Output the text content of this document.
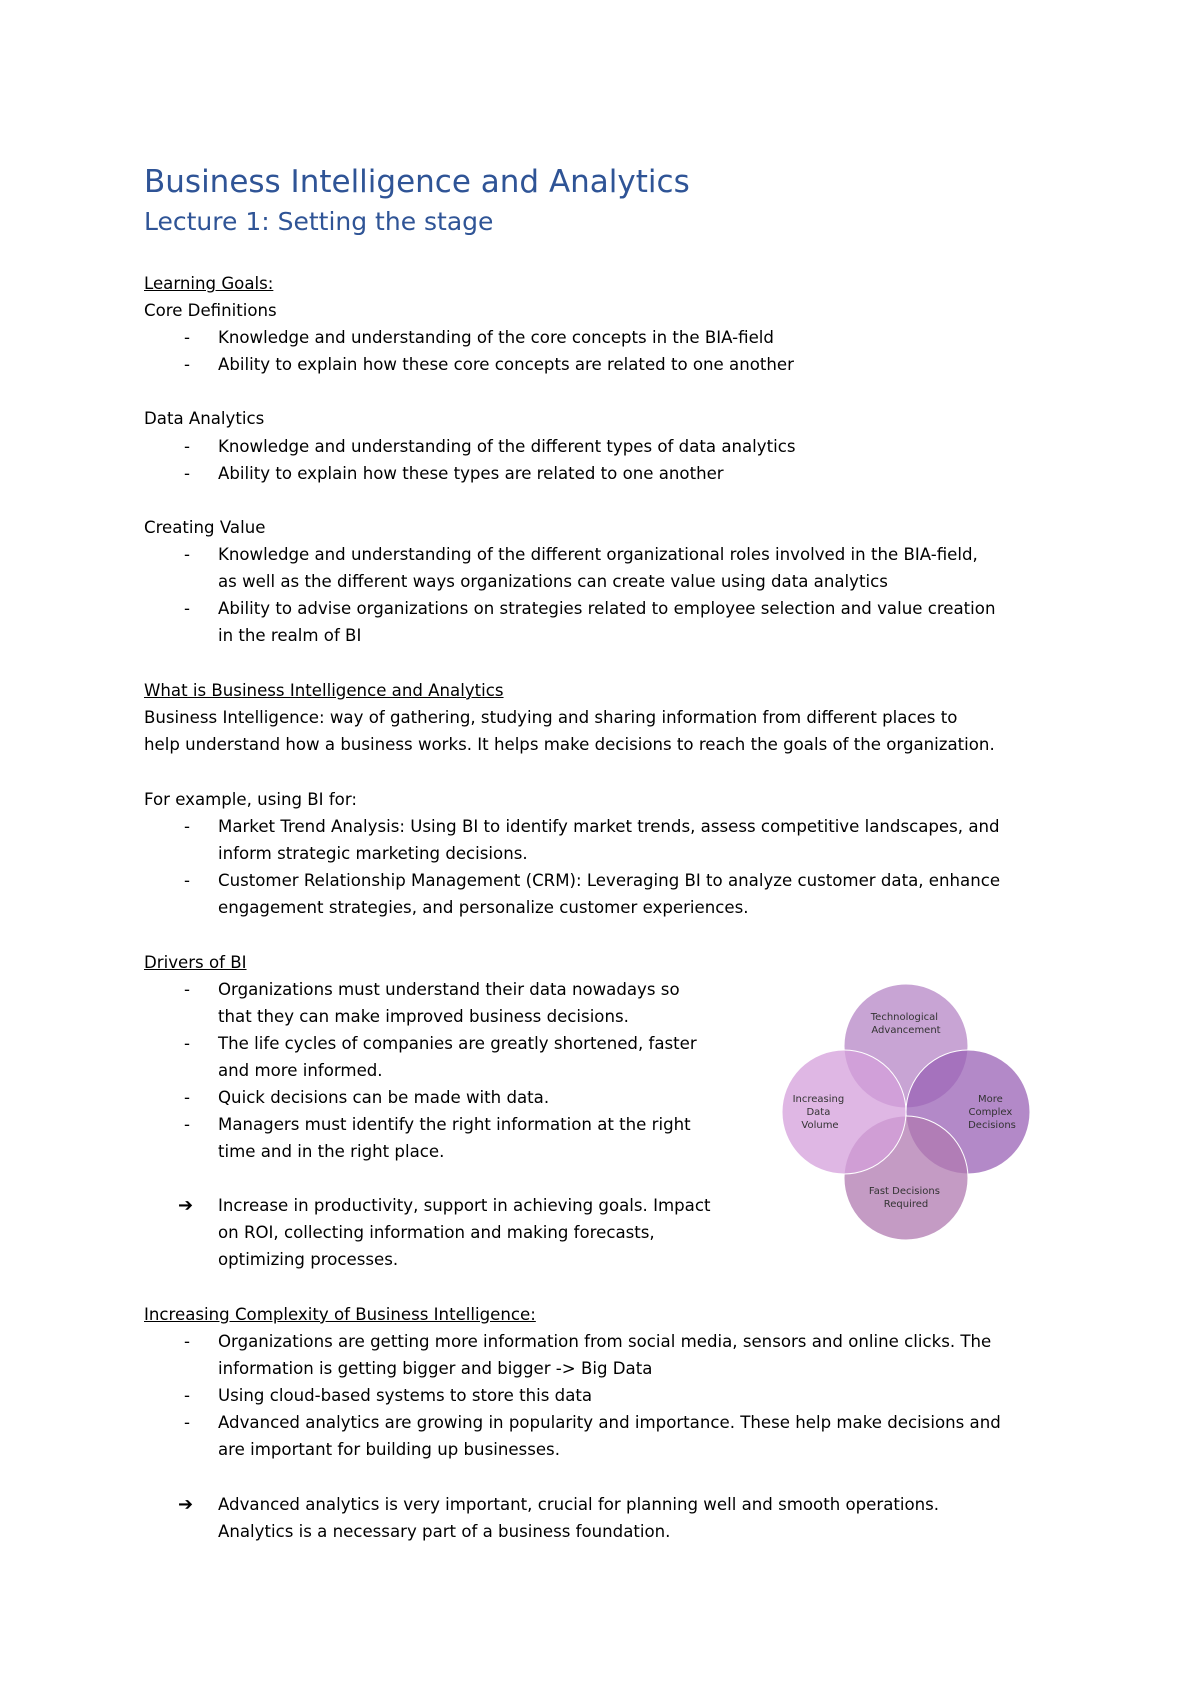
Business Intelligence and Analytics
Lecture 1: Setting the stage
Learning Goals:
Core Definitions
- Knowledge and understanding of the core concepts in the BIA-field
- Ability to explain how these core concepts are related to one another
Data Analytics
- Knowledge and understanding of the different types of data analytics
- Ability to explain how these types are related to one another
Creating Value
- Knowledge and understanding of the different organizational roles involved in the BIA-field,
as well as the different ways organizations can create value using data analytics
- Ability to advise organizations on strategies related to employee selection and value creation
in the realm of BI
What is Business Intelligence and Analytics
Business Intelligence: way of gathering, studying and sharing information from different places to
help understand how a business works. It helps make decisions to reach the goals of the organization.
For example, using BI for:
- Market Trend Analysis: Using BI to identify market trends, assess competitive landscapes, and
inform strategic marketing decisions.
- Customer Relationship Management (CRM): Leveraging BI to analyze customer data, enhance
engagement strategies, and personalize customer experiences.
Drivers of BI
- Organizations must understand their data nowadays so
that they can make improved business decisions.
- The life cycles of companies are greatly shortened, faster
and more informed.
- Quick decisions can be made with data.
- Managers must identify the right information at the right
time and in the right place.
➔ Increase in productivity, support in achieving goals. Impact
on ROI, collecting information and making forecasts,
optimizing processes.
Technological Advancement
More Complex Decisions
Fast Decisions Required
Increasing Data Volume
Increasing Complexity of Business Intelligence:
- Organizations are getting more information from social media, sensors and online clicks. The
information is getting bigger and bigger -> Big Data
- Using cloud-based systems to store this data
- Advanced analytics are growing in popularity and importance. These help make decisions and
are important for building up businesses.
➔ Advanced analytics is very important, crucial for planning well and smooth operations.
Analytics is a necessary part of a business foundation.
